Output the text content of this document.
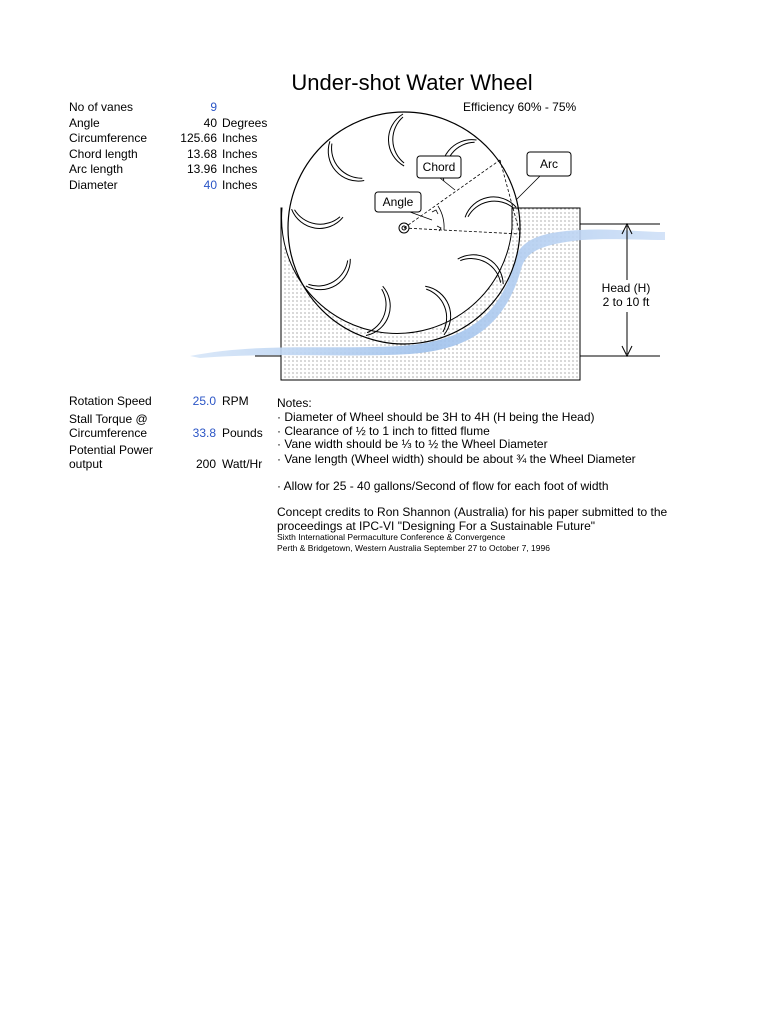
Under-shot Water Wheel
Efficiency 60% - 75%
No of vanes	9
Angle	40 Degrees
Circumference	125.66 Inches
Chord length	13.68 Inches
Arc length	13.96 Inches
Diameter	40 Inches
Chord	Arc
Angle
Head (H)
2 to 10 ft
Rotation Speed	25.0 RPM
Stall Torque @
Circumference	33.8 Pounds
Potential Power
output	200 Watt/Hr
Notes:
· Diameter of Wheel should be 3H to 4H (H being the Head)
· Clearance of ½ to 1 inch to fitted flume
· Vane width should be ⅓ to ½ the Wheel Diameter
· Vane length (Wheel width) should be about ¾ the Wheel Diameter
· Allow for 25 - 40 gallons/Second of flow for each foot of width
Concept credits to Ron Shannon (Australia) for his paper submitted to the
proceedings at IPC-VI "Designing For a Sustainable Future"
Sixth International Permaculture Conference & Convergence
Perth & Bridgetown, Western Australia September 27 to October 7, 1996
